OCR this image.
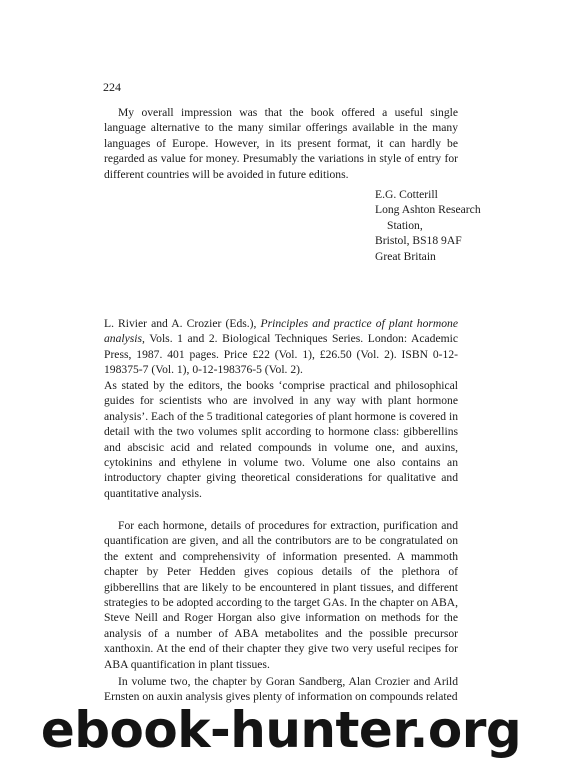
224

My overall impression was that the book offered a useful single language alternative to the many similar offerings available in the many languages of Europe. However, in its present format, it can hardly be regarded as value for money. Presumably the variations in style of entry for different countries will be avoided in future editions.

E.G. Cotterill
Long Ashton Research
Station,
Bristol, BS18 9AF
Great Britain

L. Rivier and A. Crozier (Eds.), Principles and practice of plant hormone analysis, Vols. 1 and 2. Biological Techniques Series. London: Academic Press, 1987. 401 pages. Price £22 (Vol. 1), £26.50 (Vol. 2). ISBN 0-12-198375-7 (Vol. 1), 0-12-198376-5 (Vol. 2).

As stated by the editors, the books ‘comprise practical and philosophical guides for scientists who are involved in any way with plant hormone analysis’. Each of the 5 traditional categories of plant hormone is covered in detail with the two volumes split according to hormone class: gibberellins and abscisic acid and related compounds in volume one, and auxins, cytokinins and ethylene in volume two. Volume one also contains an introductory chapter giving theoretical considerations for qualitative and quantitative analysis.

For each hormone, details of procedures for extraction, purification and quantification are given, and all the contributors are to be congratulated on the extent and comprehensivity of information presented. A mammoth chapter by Peter Hedden gives copious details of the plethora of gibberellins that are likely to be encountered in plant tissues, and different strategies to be adopted according to the target GAs. In the chapter on ABA, Steve Neill and Roger Horgan also give information on methods for the analysis of a number of ABA metabolites and the possible precursor xanthoxin. At the end of their chapter they give two very useful recipes for ABA quantification in plant tissues.

In volume two, the chapter by Goran Sandberg, Alan Crozier and Arild Ernsten on auxin analysis gives plenty of information on compounds related

ebook-hunter.org
